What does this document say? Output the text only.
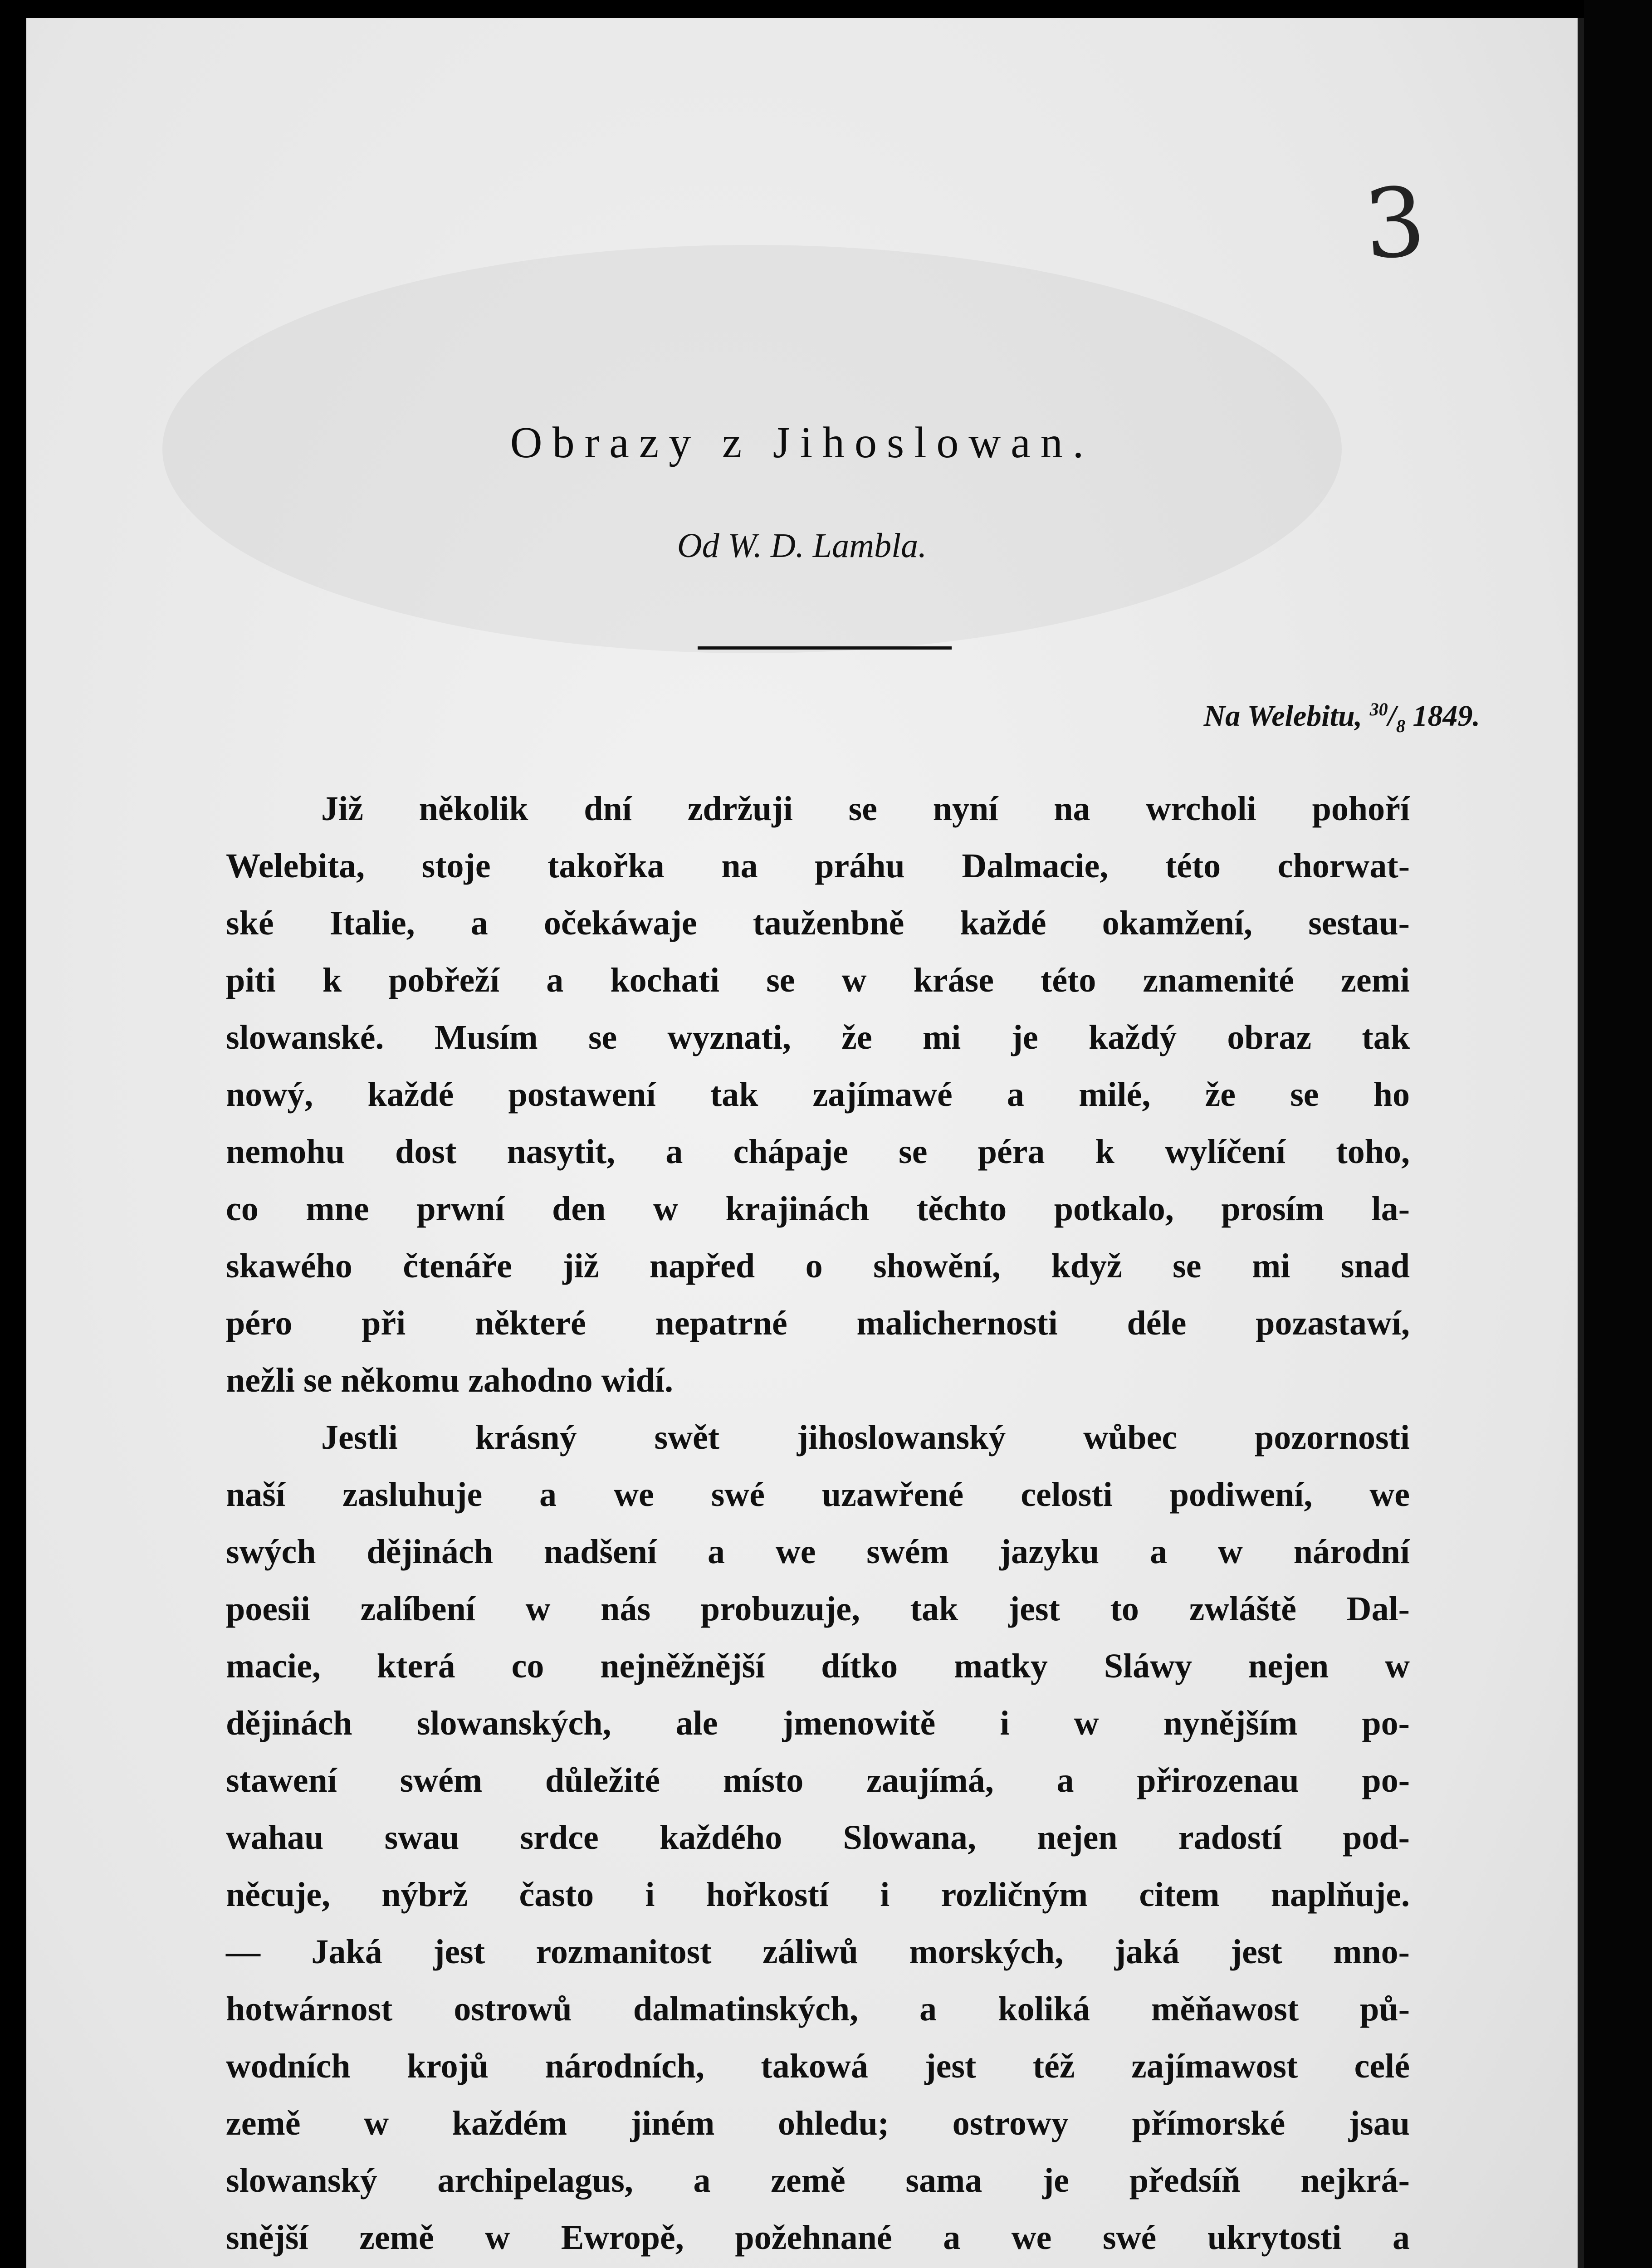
3
Obrazy z Jihoslowan.
Od W. D. Lambla.
Na Welebitu, $^{30}/_8$ 1849.
Již několik dní zdržuji se nyní na wrcholi pohoří
Welebita, stoje takořka na práhu Dalmacie, této chorwat-
ské Italie, a očekáwaje tauženbně každé okamžení, sestau-
piti k pobřeží a kochati se w kráse této znamenité zemi
slowanské. Musím se wyznati, že mi je každý obraz tak
nowý, každé postawení tak zajímawé a milé, že se ho
nemohu dost nasytit, a chápaje se péra k wylíčení toho,
co mne prwní den w krajinách těchto potkalo, prosím la-
skawého čtenáře již napřed o showění, když se mi snad
péro při některé nepatrné malichernosti déle pozastawí,
nežli se někomu zahodno widí.
Jestli krásný swět jihoslowanský wůbec pozornosti
naší zasluhuje a we swé uzawřené celosti podiwení, we
swých dějinách nadšení a we swém jazyku a w národní
poesii zalíbení w nás probuzuje, tak jest to zwláště Dal-
macie, která co nejněžnější dítko matky Sláwy nejen w
dějinách slowanských, ale jmenowitě i w nynějším po-
stawení swém důležité místo zaujímá, a přirozenau po-
wahau swau srdce každého Slowana, nejen radostí pod-
něcuje, nýbrž často i hořkostí i rozličným citem naplňuje.
— Jaká jest rozmanitost záliwů morských, jaká jest mno-
hotwárnost ostrowů dalmatinských, a koliká měňawost pů-
wodních krojů národních, takowá jest též zajímawost celé
země w každém jiném ohledu; ostrowy přímorské jsau
slowanský archipelagus, a země sama je předsíň nejkrá-
snější země w Ewropě, požehnané a we swé ukrytosti a
